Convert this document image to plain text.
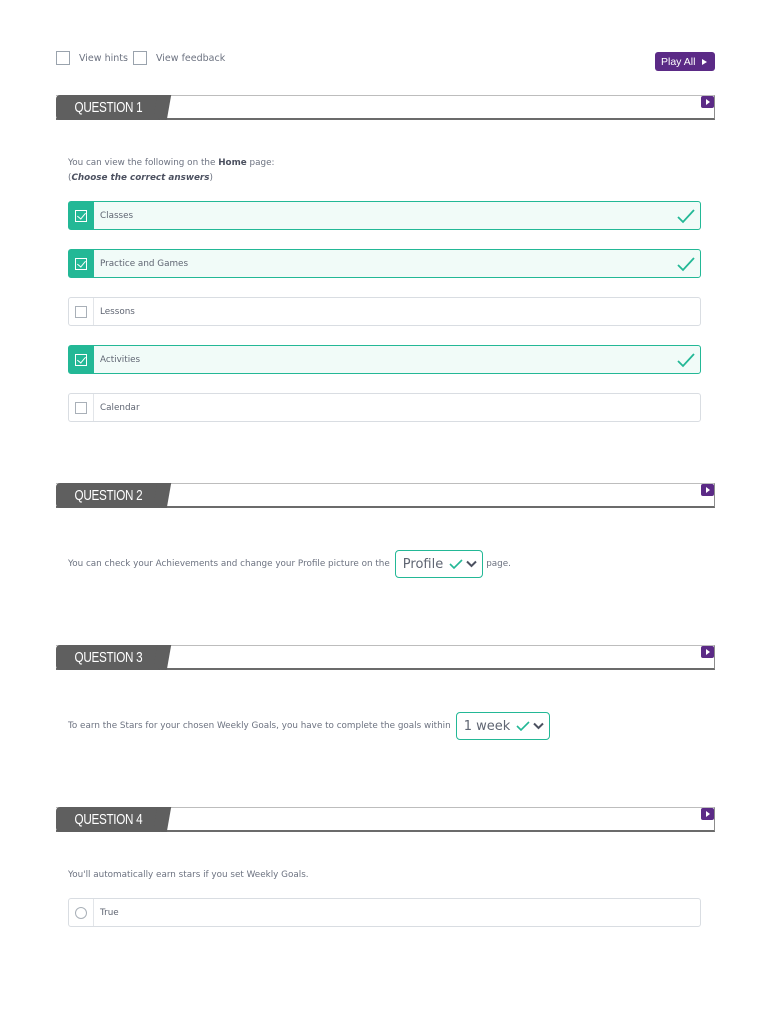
View hints	View feedback	Play All
QUESTION 1
You can view the following on the Home page:
(Choose the correct answers)
Classes
Practice and Games
Lessons
Activities
Calendar
QUESTION 2
You can check your Achievements and change your Profile picture on the Profile	page.
QUESTION 3
To earn the Stars for your chosen Weekly Goals, you have to complete the goals within 1 week
QUESTION 4
You'll automatically earn stars if you set Weekly Goals.
True
